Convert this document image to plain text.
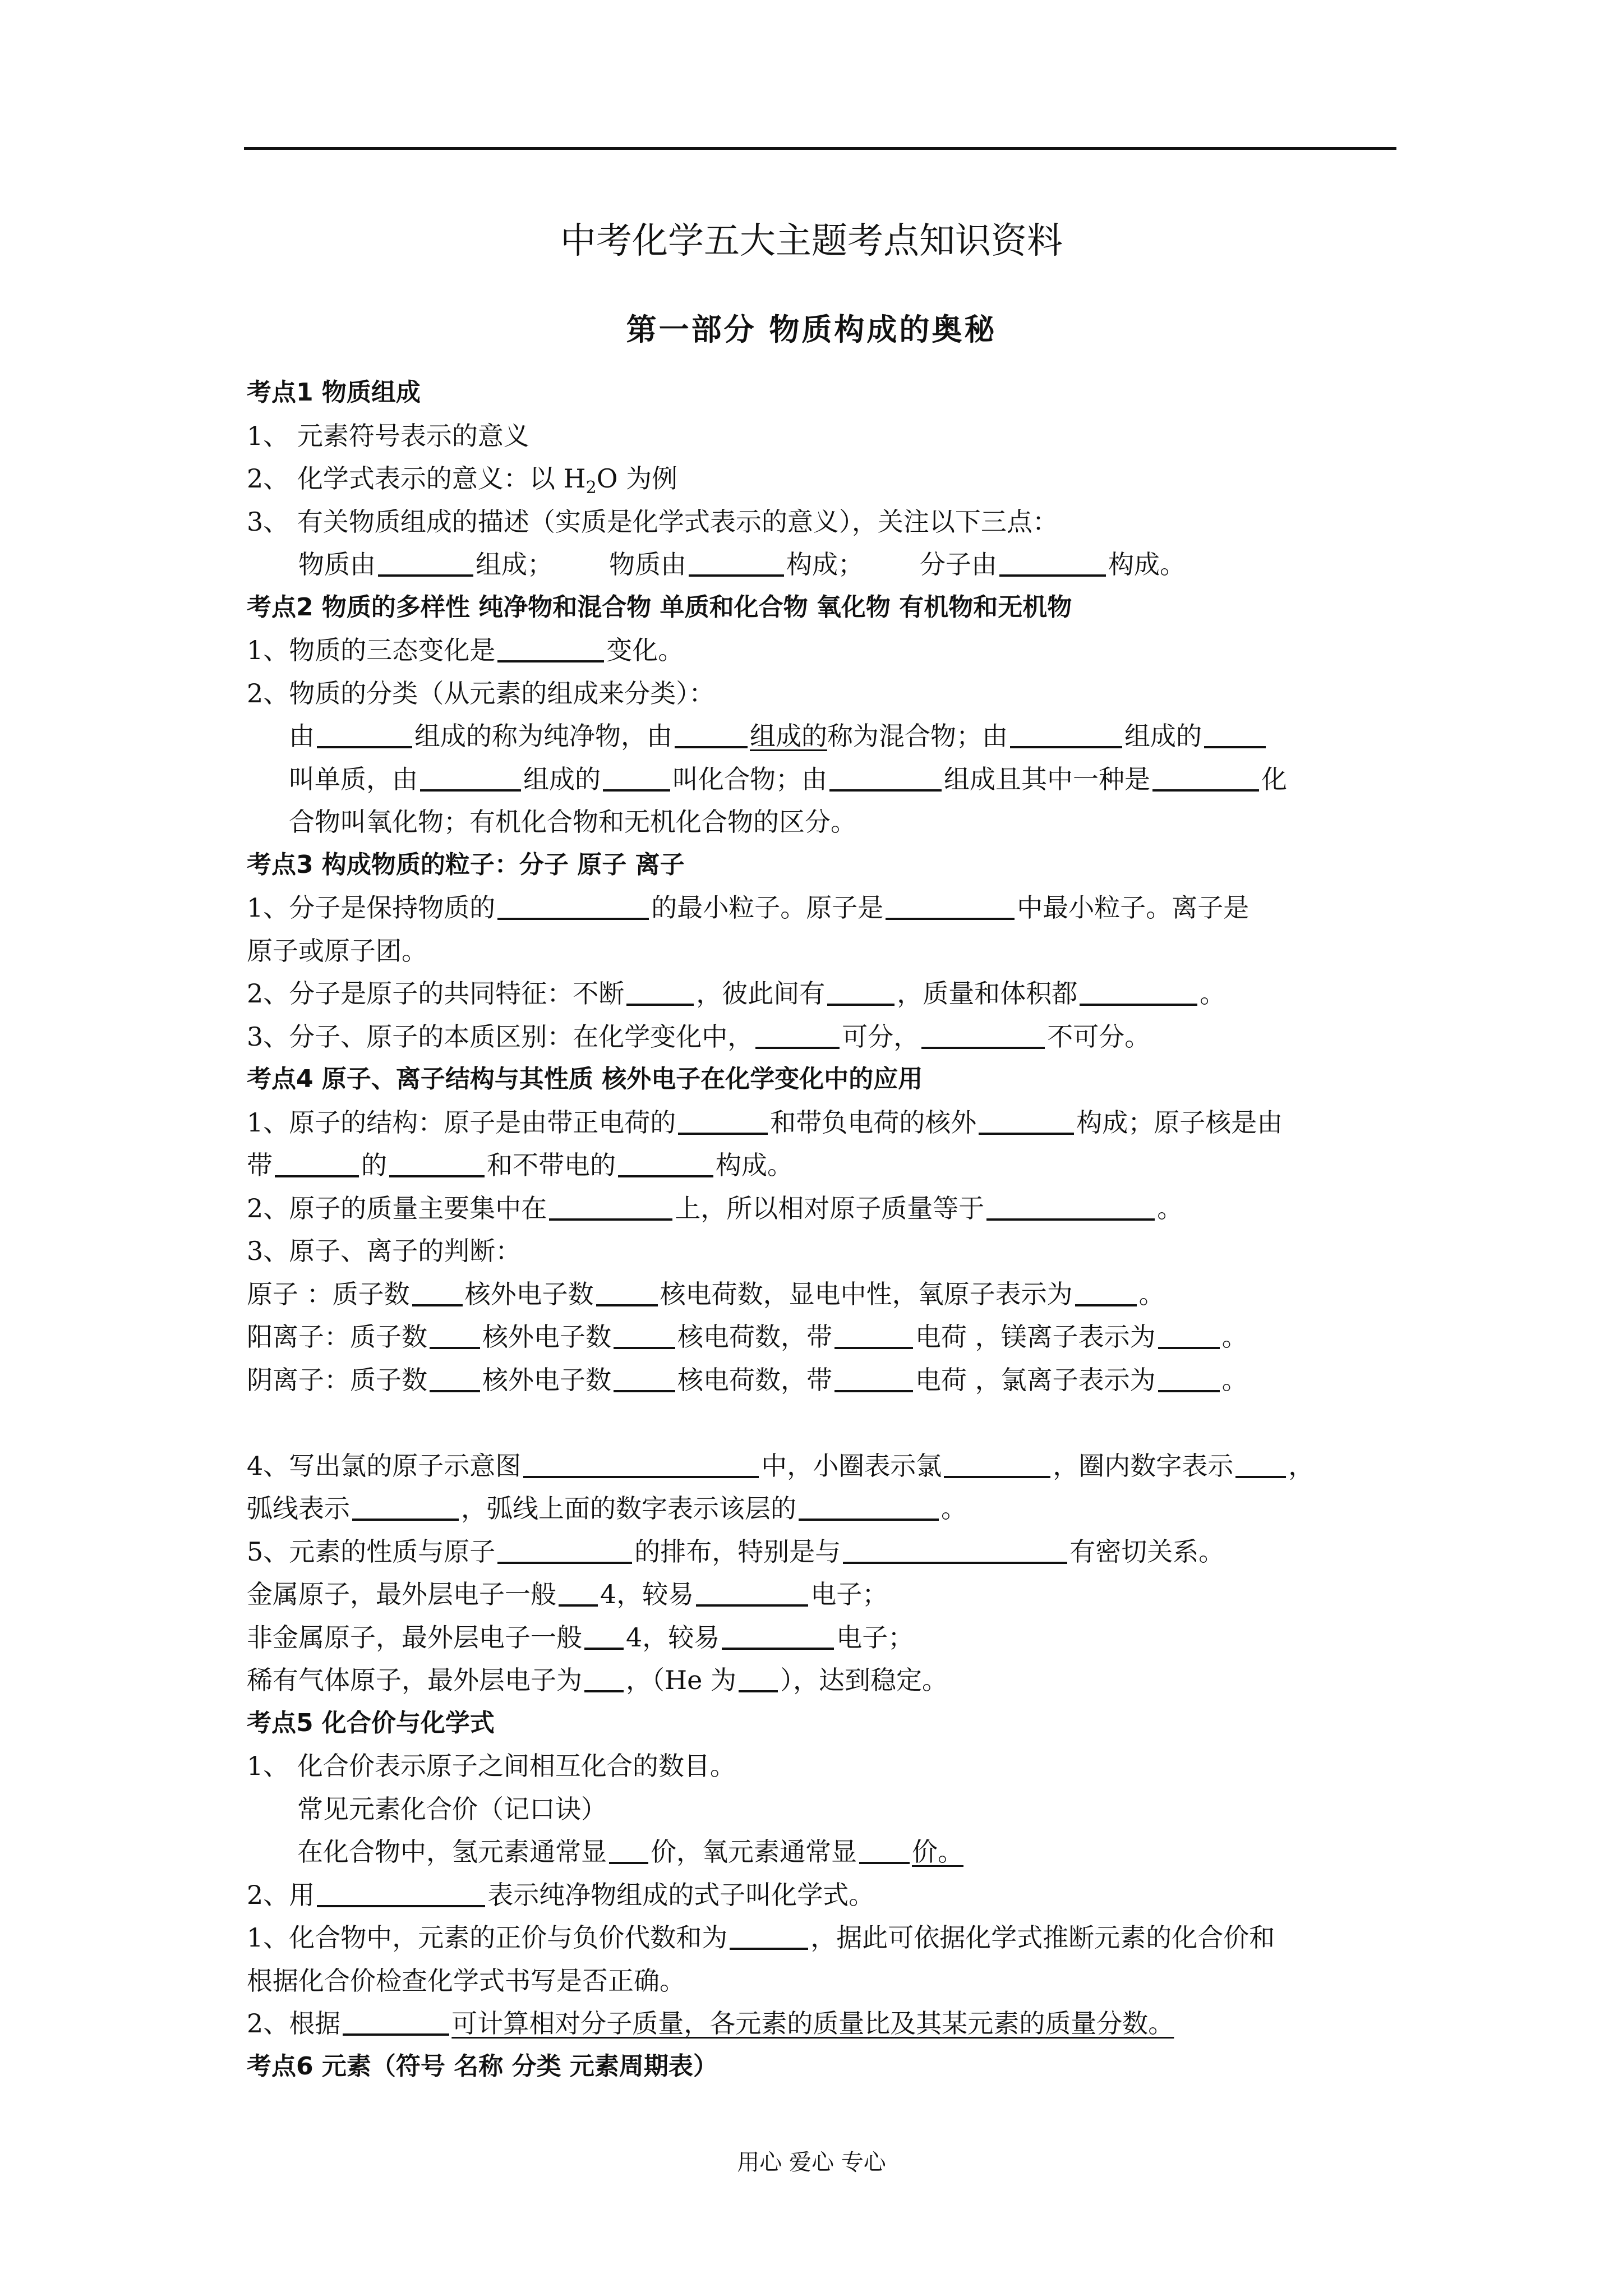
中考化学五大主题考点知识资料
第一部分 物质构成的奥秘
考点1 物质组成
1、 元素符号表示的意义
2、 化学式表示的意义：以 $H_2O$ 为例
3、 有关物质组成的描述（实质是化学式表示的意义），关注以下三点：
物质由	组成； 物质由	构成； 分子由	构成。
考点2 物质的多样性 纯净物和混合物 单质和化合物 氧化物 有机物和无机物
1、物质的三态变化是	变化。
2、物质的分类（从元素的组成来分类）：
由	组成的称为纯净物，由	组成的称为混合物；由	组成的
叫单质，由	组成的	叫化合物；由	组成且其中一种是	化
合物叫氧化物；有机化合物和无机化合物的区分。
考点3 构成物质的粒子：分子 原子 离子
1、分子是保持物质的	的最小粒子。原子是	中最小粒子。离子是
原子或原子团。
2、分子是原子的共同特征：不断	，彼此间有	，质量和体积都	。
3、分子、原子的本质区别：在化学变化中，	可分，	不可分。
考点4 原子、离子结构与其性质 核外电子在化学变化中的应用
1、原子的结构：原子是由带正电荷的	和带负电荷的核外	构成；原子核是由
带	的	和不带电的	构成。
2、原子的质量主要集中在	上，所以相对原子质量等于	。
3、原子、离子的判断：
原子 ：质子数 核外电子数	核电荷数，显电中性，氧原子表示为	。
阳离子：质子数 核外电子数	核电荷数，带	电荷 ，镁离子表示为	。
阴离子：质子数 核外电子数	核电荷数，带	电荷 ，氯离子表示为	。
4、写出氯的原子示意图	中，小圈表示氯	，圈内数字表示 ，
弧线表示	，弧线上面的数字表示该层的	。
5、元素的性质与原子	的排布，特别是与	有密切关系。
金属原子，最外层电子一般 4，较易	电子；
非金属原子，最外层电子一般 4，较易	电子；
稀有气体原子，最外层电子为 ，（He 为 ），达到稳定。
考点5 化合价与化学式
1、 化合价表示原子之间相互化合的数目。
常见元素化合价（记口诀）
在化合物中，氢元素通常显 价，氧元素通常显 价。
2、用	表示纯净物组成的式子叫化学式。
1、化合物中，元素的正价与负价代数和为	，据此可依据化学式推断元素的化合价和
根据化合价检查化学式书写是否正确。
2、根据	可计算相对分子质量，各元素的质量比及其某元素的质量分数。
考点6 元素（符号 名称 分类 元素周期表）
用心 爱心 专心
